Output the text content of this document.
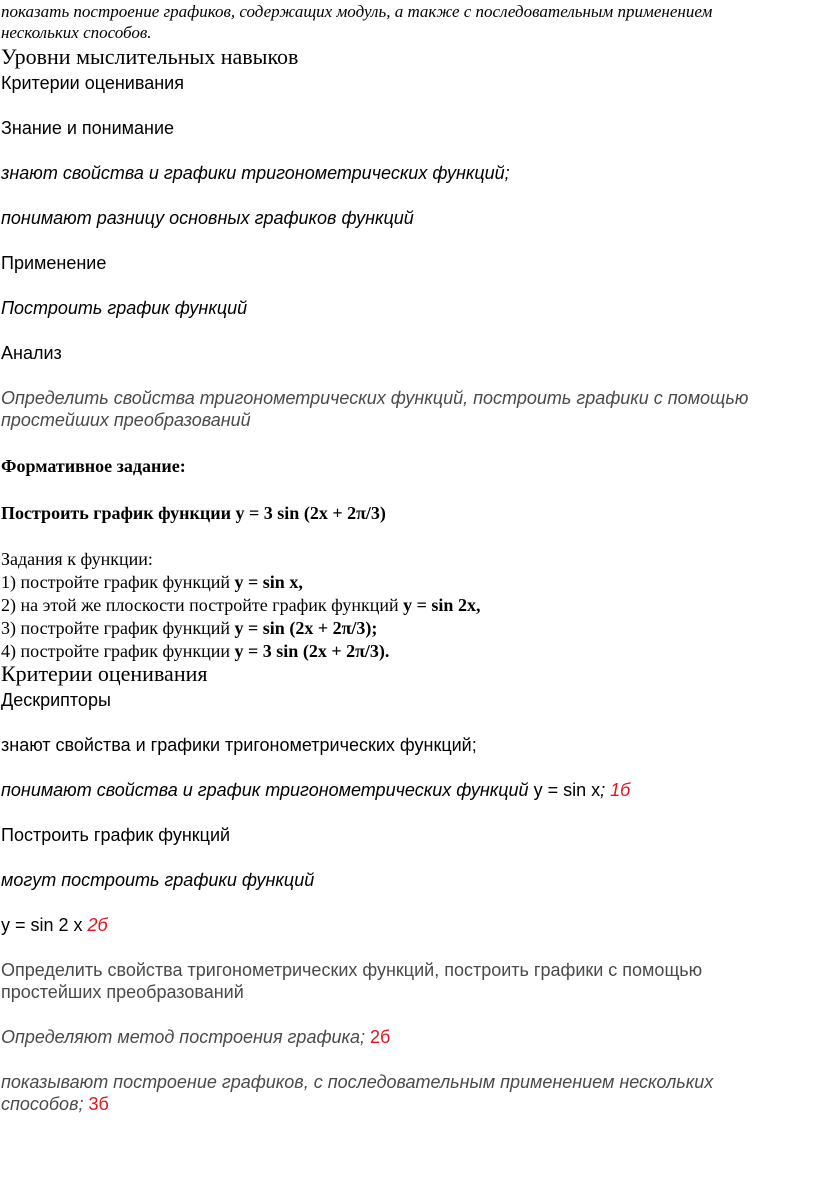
показать построение графиков, содержащих модуль, а также с последовательным применением

нескольких способов.

Уровни мыслительных навыков

Критерии оценивания

Знание и понимание

знают свойства и графики тригонометрических функций;

понимают разницу основных графиков функций

Применение

Построить график функций

Анализ

Определить свойства тригонометрических функций, построить графики с помощью

простейших преобразований

Формативное задание:

Построить график функции у = 3 sin (2х + 2π/3)

Задания к функции:

1) постройте график функций у = sin х,

2) на этой же плоскости постройте график функций у = sin 2х,

3) постройте график функций у = sin (2х + 2π/3);

4) постройте график функции у = 3 sin (2х + 2π/3).

Критерии оценивания

Дескрипторы

знают свойства и графики тригонометрических функций;

понимают свойства и график тригонометрических функций у = sin x; 1б

Построить график функций

могут построить графики функций

у = sin 2 x 2б

Определить свойства тригонометрических функций, построить графики с помощью

простейших преобразований

Определяют метод построения графика; 2б

показывают построение графиков, с последовательным применением нескольких

способов; 3б
